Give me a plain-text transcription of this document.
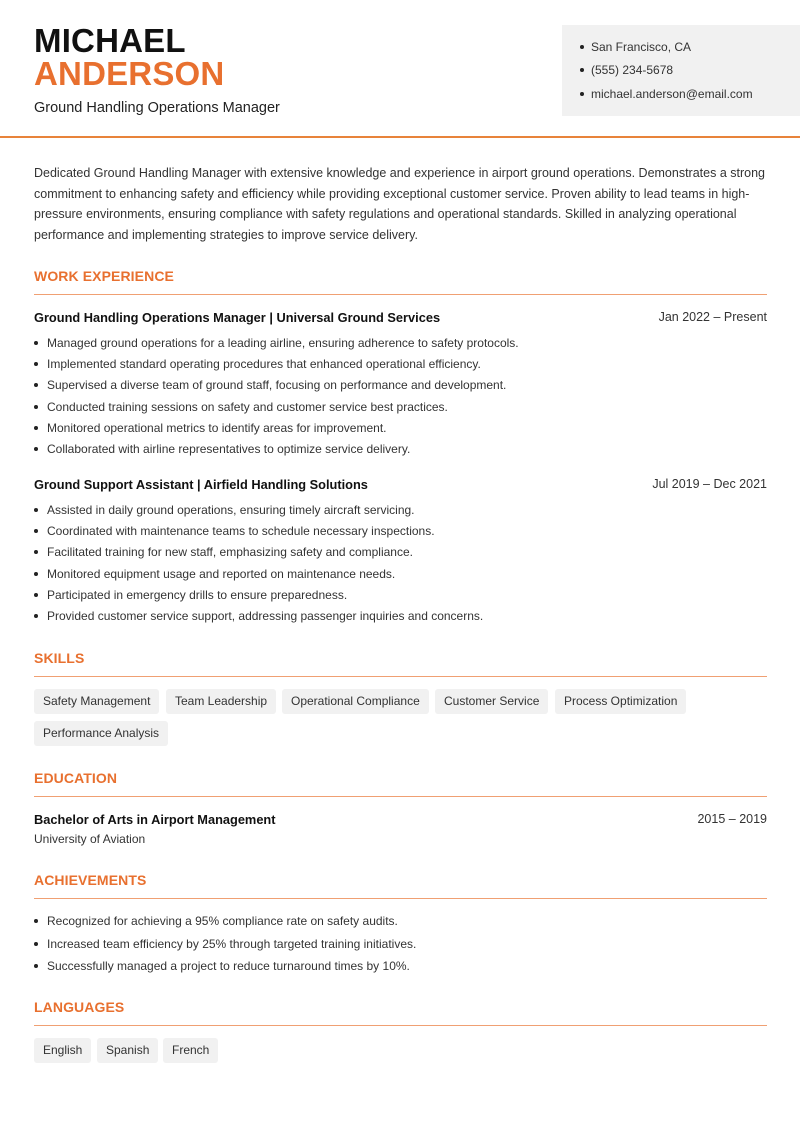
MICHAEL
ANDERSON
Ground Handling Operations Manager
San Francisco, CA
(555) 234-5678
michael.anderson@email.com

Dedicated Ground Handling Manager with extensive knowledge and experience in airport ground operations. Demonstrates a strong commitment to enhancing safety and efficiency while providing exceptional customer service. Proven ability to lead teams in high-pressure environments, ensuring compliance with safety regulations and operational standards. Skilled in analyzing operational performance and implementing strategies to improve service delivery.

WORK EXPERIENCE
Ground Handling Operations Manager | Universal Ground Services	Jan 2022 – Present
Managed ground operations for a leading airline, ensuring adherence to safety protocols.
Implemented standard operating procedures that enhanced operational efficiency.
Supervised a diverse team of ground staff, focusing on performance and development.
Conducted training sessions on safety and customer service best practices.
Monitored operational metrics to identify areas for improvement.
Collaborated with airline representatives to optimize service delivery.
Ground Support Assistant | Airfield Handling Solutions	Jul 2019 – Dec 2021
Assisted in daily ground operations, ensuring timely aircraft servicing.
Coordinated with maintenance teams to schedule necessary inspections.
Facilitated training for new staff, emphasizing safety and compliance.
Monitored equipment usage and reported on maintenance needs.
Participated in emergency drills to ensure preparedness.
Provided customer service support, addressing passenger inquiries and concerns.
SKILLS
Safety Management	Team Leadership	Operational Compliance	Customer Service	Process Optimization
Performance Analysis
EDUCATION
Bachelor of Arts in Airport Management	2015 – 2019
University of Aviation
ACHIEVEMENTS
Recognized for achieving a 95% compliance rate on safety audits.
Increased team efficiency by 25% through targeted training initiatives.
Successfully managed a project to reduce turnaround times by 10%.
LANGUAGES
English	Spanish	French
